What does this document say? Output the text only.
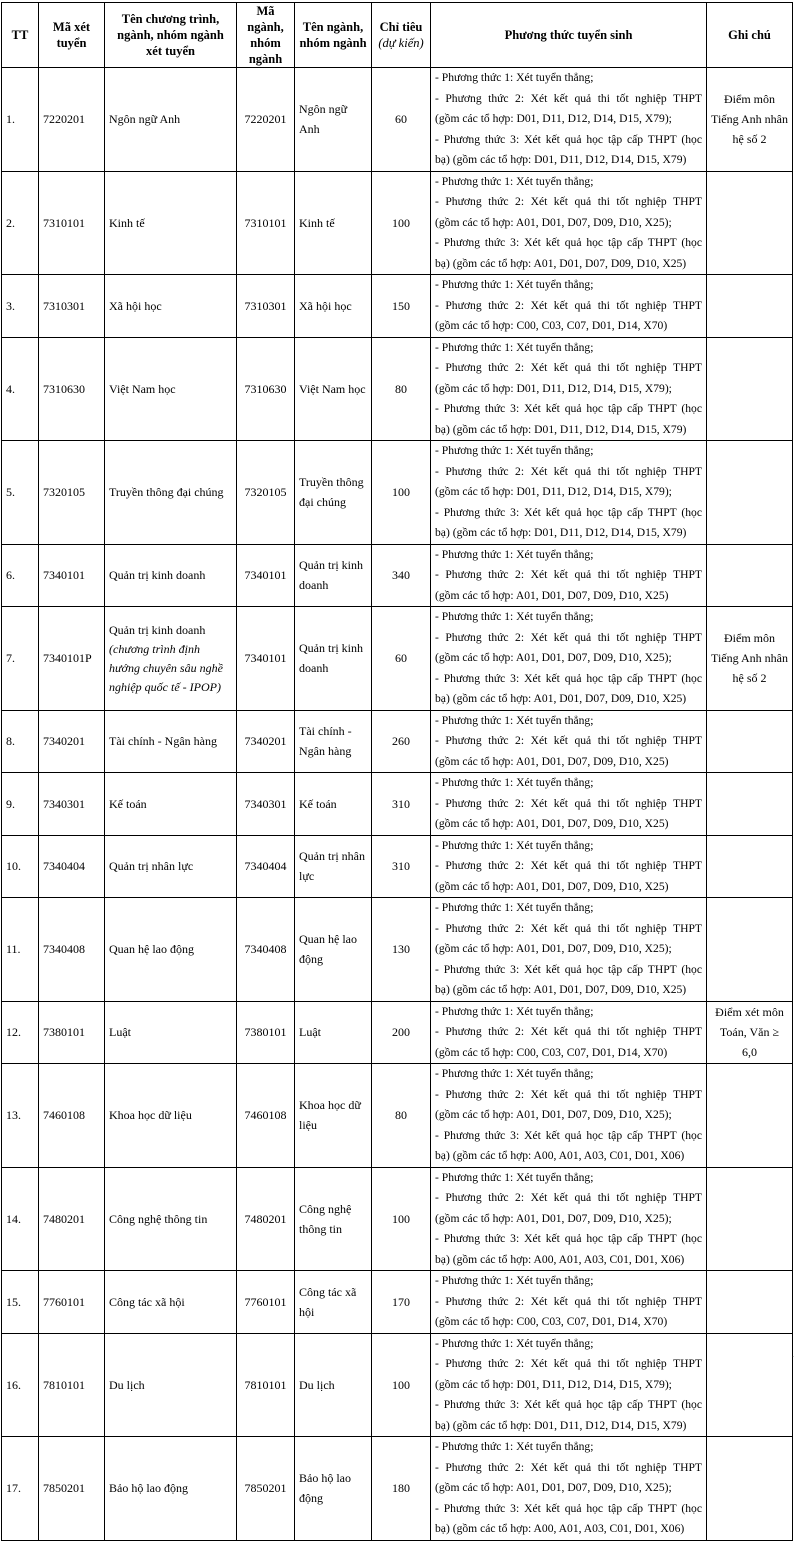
TT	Mã xét tuyển	Tên chương trình, ngành, nhóm ngành xét tuyển	Mã ngành, nhóm ngành	Tên ngành, nhóm ngành	Chỉ tiêu
(dự kiến)	Phương thức tuyển sinh	Ghi chú
1.	7220201	Ngôn ngữ Anh	7220201	Ngôn ngữ Anh	60	- Phương thức 1: Xét tuyển thẳng;
- Phương thức 2: Xét kết quả thi tốt nghiệp THPT
(gồm các tổ hợp: D01, D11, D12, D14, D15, X79);
- Phương thức 3: Xét kết quả học tập cấp THPT (học
bạ) (gồm các tổ hợp: D01, D11, D12, D14, D15, X79)	Điểm môn Tiếng Anh nhân hệ số 2
2.	7310101	Kinh tế	7310101	Kinh tế	100	- Phương thức 1: Xét tuyển thẳng;
- Phương thức 2: Xét kết quả thi tốt nghiệp THPT
(gồm các tổ hợp: A01, D01, D07, D09, D10, X25);
- Phương thức 3: Xét kết quả học tập cấp THPT (học
bạ) (gồm các tổ hợp: A01, D01, D07, D09, D10, X25)	

3.	7310301	Xã hội học	7310301	Xã hội học	150	- Phương thức 1: Xét tuyển thẳng;
- Phương thức 2: Xét kết quả thi tốt nghiệp THPT
(gồm các tổ hợp: C00, C03, C07, D01, D14, X70)	

4.	7310630	Việt Nam học	7310630	Việt Nam học	80	- Phương thức 1: Xét tuyển thẳng;
- Phương thức 2: Xét kết quả thi tốt nghiệp THPT
(gồm các tổ hợp: D01, D11, D12, D14, D15, X79);
- Phương thức 3: Xét kết quả học tập cấp THPT (học
bạ) (gồm các tổ hợp: D01, D11, D12, D14, D15, X79)	

5.	7320105	Truyền thông đại chúng	7320105	Truyền thông đại chúng	100	- Phương thức 1: Xét tuyển thẳng;
- Phương thức 2: Xét kết quả thi tốt nghiệp THPT
(gồm các tổ hợp: D01, D11, D12, D14, D15, X79);
- Phương thức 3: Xét kết quả học tập cấp THPT (học
bạ) (gồm các tổ hợp: D01, D11, D12, D14, D15, X79)	

6.	7340101	Quản trị kinh doanh	7340101	Quản trị kinh doanh	340	- Phương thức 1: Xét tuyển thẳng;
- Phương thức 2: Xét kết quả thi tốt nghiệp THPT
(gồm các tổ hợp: A01, D01, D07, D09, D10, X25)	

7.	7340101P	Quản trị kinh doanh
(chương trình định hướng chuyên sâu nghề nghiệp quốc tế - IPOP)	7340101	Quản trị kinh doanh	60	- Phương thức 1: Xét tuyển thẳng;
- Phương thức 2: Xét kết quả thi tốt nghiệp THPT
(gồm các tổ hợp: A01, D01, D07, D09, D10, X25);
- Phương thức 3: Xét kết quả học tập cấp THPT (học
bạ) (gồm các tổ hợp: A01, D01, D07, D09, D10, X25)	Điểm môn Tiếng Anh nhân hệ số 2
8.	7340201	Tài chính - Ngân hàng	7340201	Tài chính - Ngân hàng	260	- Phương thức 1: Xét tuyển thẳng;
- Phương thức 2: Xét kết quả thi tốt nghiệp THPT
(gồm các tổ hợp: A01, D01, D07, D09, D10, X25)	

9.	7340301	Kế toán	7340301	Kế toán	310	- Phương thức 1: Xét tuyển thẳng;
- Phương thức 2: Xét kết quả thi tốt nghiệp THPT
(gồm các tổ hợp: A01, D01, D07, D09, D10, X25)	

10.	7340404	Quản trị nhân lực	7340404	Quản trị nhân lực	310	- Phương thức 1: Xét tuyển thẳng;
- Phương thức 2: Xét kết quả thi tốt nghiệp THPT
(gồm các tổ hợp: A01, D01, D07, D09, D10, X25)	

11.	7340408	Quan hệ lao động	7340408	Quan hệ lao động	130	- Phương thức 1: Xét tuyển thẳng;
- Phương thức 2: Xét kết quả thi tốt nghiệp THPT
(gồm các tổ hợp: A01, D01, D07, D09, D10, X25);
- Phương thức 3: Xét kết quả học tập cấp THPT (học
bạ) (gồm các tổ hợp: A01, D01, D07, D09, D10, X25)	

12.	7380101	Luật	7380101	Luật	200	- Phương thức 1: Xét tuyển thẳng;
- Phương thức 2: Xét kết quả thi tốt nghiệp THPT
(gồm các tổ hợp: C00, C03, C07, D01, D14, X70)	Điểm xét môn Toán, Văn ≥ 6,0
13.	7460108	Khoa học dữ liệu	7460108	Khoa học dữ liệu	80	- Phương thức 1: Xét tuyển thẳng;
- Phương thức 2: Xét kết quả thi tốt nghiệp THPT
(gồm các tổ hợp: A01, D01, D07, D09, D10, X25);
- Phương thức 3: Xét kết quả học tập cấp THPT (học
bạ) (gồm các tổ hợp: A00, A01, A03, C01, D01, X06)	

14.	7480201	Công nghệ thông tin	7480201	Công nghệ thông tin	100	- Phương thức 1: Xét tuyển thẳng;
- Phương thức 2: Xét kết quả thi tốt nghiệp THPT
(gồm các tổ hợp: A01, D01, D07, D09, D10, X25);
- Phương thức 3: Xét kết quả học tập cấp THPT (học
bạ) (gồm các tổ hợp: A00, A01, A03, C01, D01, X06)	

15.	7760101	Công tác xã hội	7760101	Công tác xã hội	170	- Phương thức 1: Xét tuyển thẳng;
- Phương thức 2: Xét kết quả thi tốt nghiệp THPT
(gồm các tổ hợp: C00, C03, C07, D01, D14, X70)	

16.	7810101	Du lịch	7810101	Du lịch	100	- Phương thức 1: Xét tuyển thẳng;
- Phương thức 2: Xét kết quả thi tốt nghiệp THPT
(gồm các tổ hợp: D01, D11, D12, D14, D15, X79);
- Phương thức 3: Xét kết quả học tập cấp THPT (học
bạ) (gồm các tổ hợp: D01, D11, D12, D14, D15, X79)	

17.	7850201	Bảo hộ lao động	7850201	Bảo hộ lao động	180	- Phương thức 1: Xét tuyển thẳng;
- Phương thức 2: Xét kết quả thi tốt nghiệp THPT
(gồm các tổ hợp: A01, D01, D07, D09, D10, X25);
- Phương thức 3: Xét kết quả học tập cấp THPT (học
bạ) (gồm các tổ hợp: A00, A01, A03, C01, D01, X06)	

.
